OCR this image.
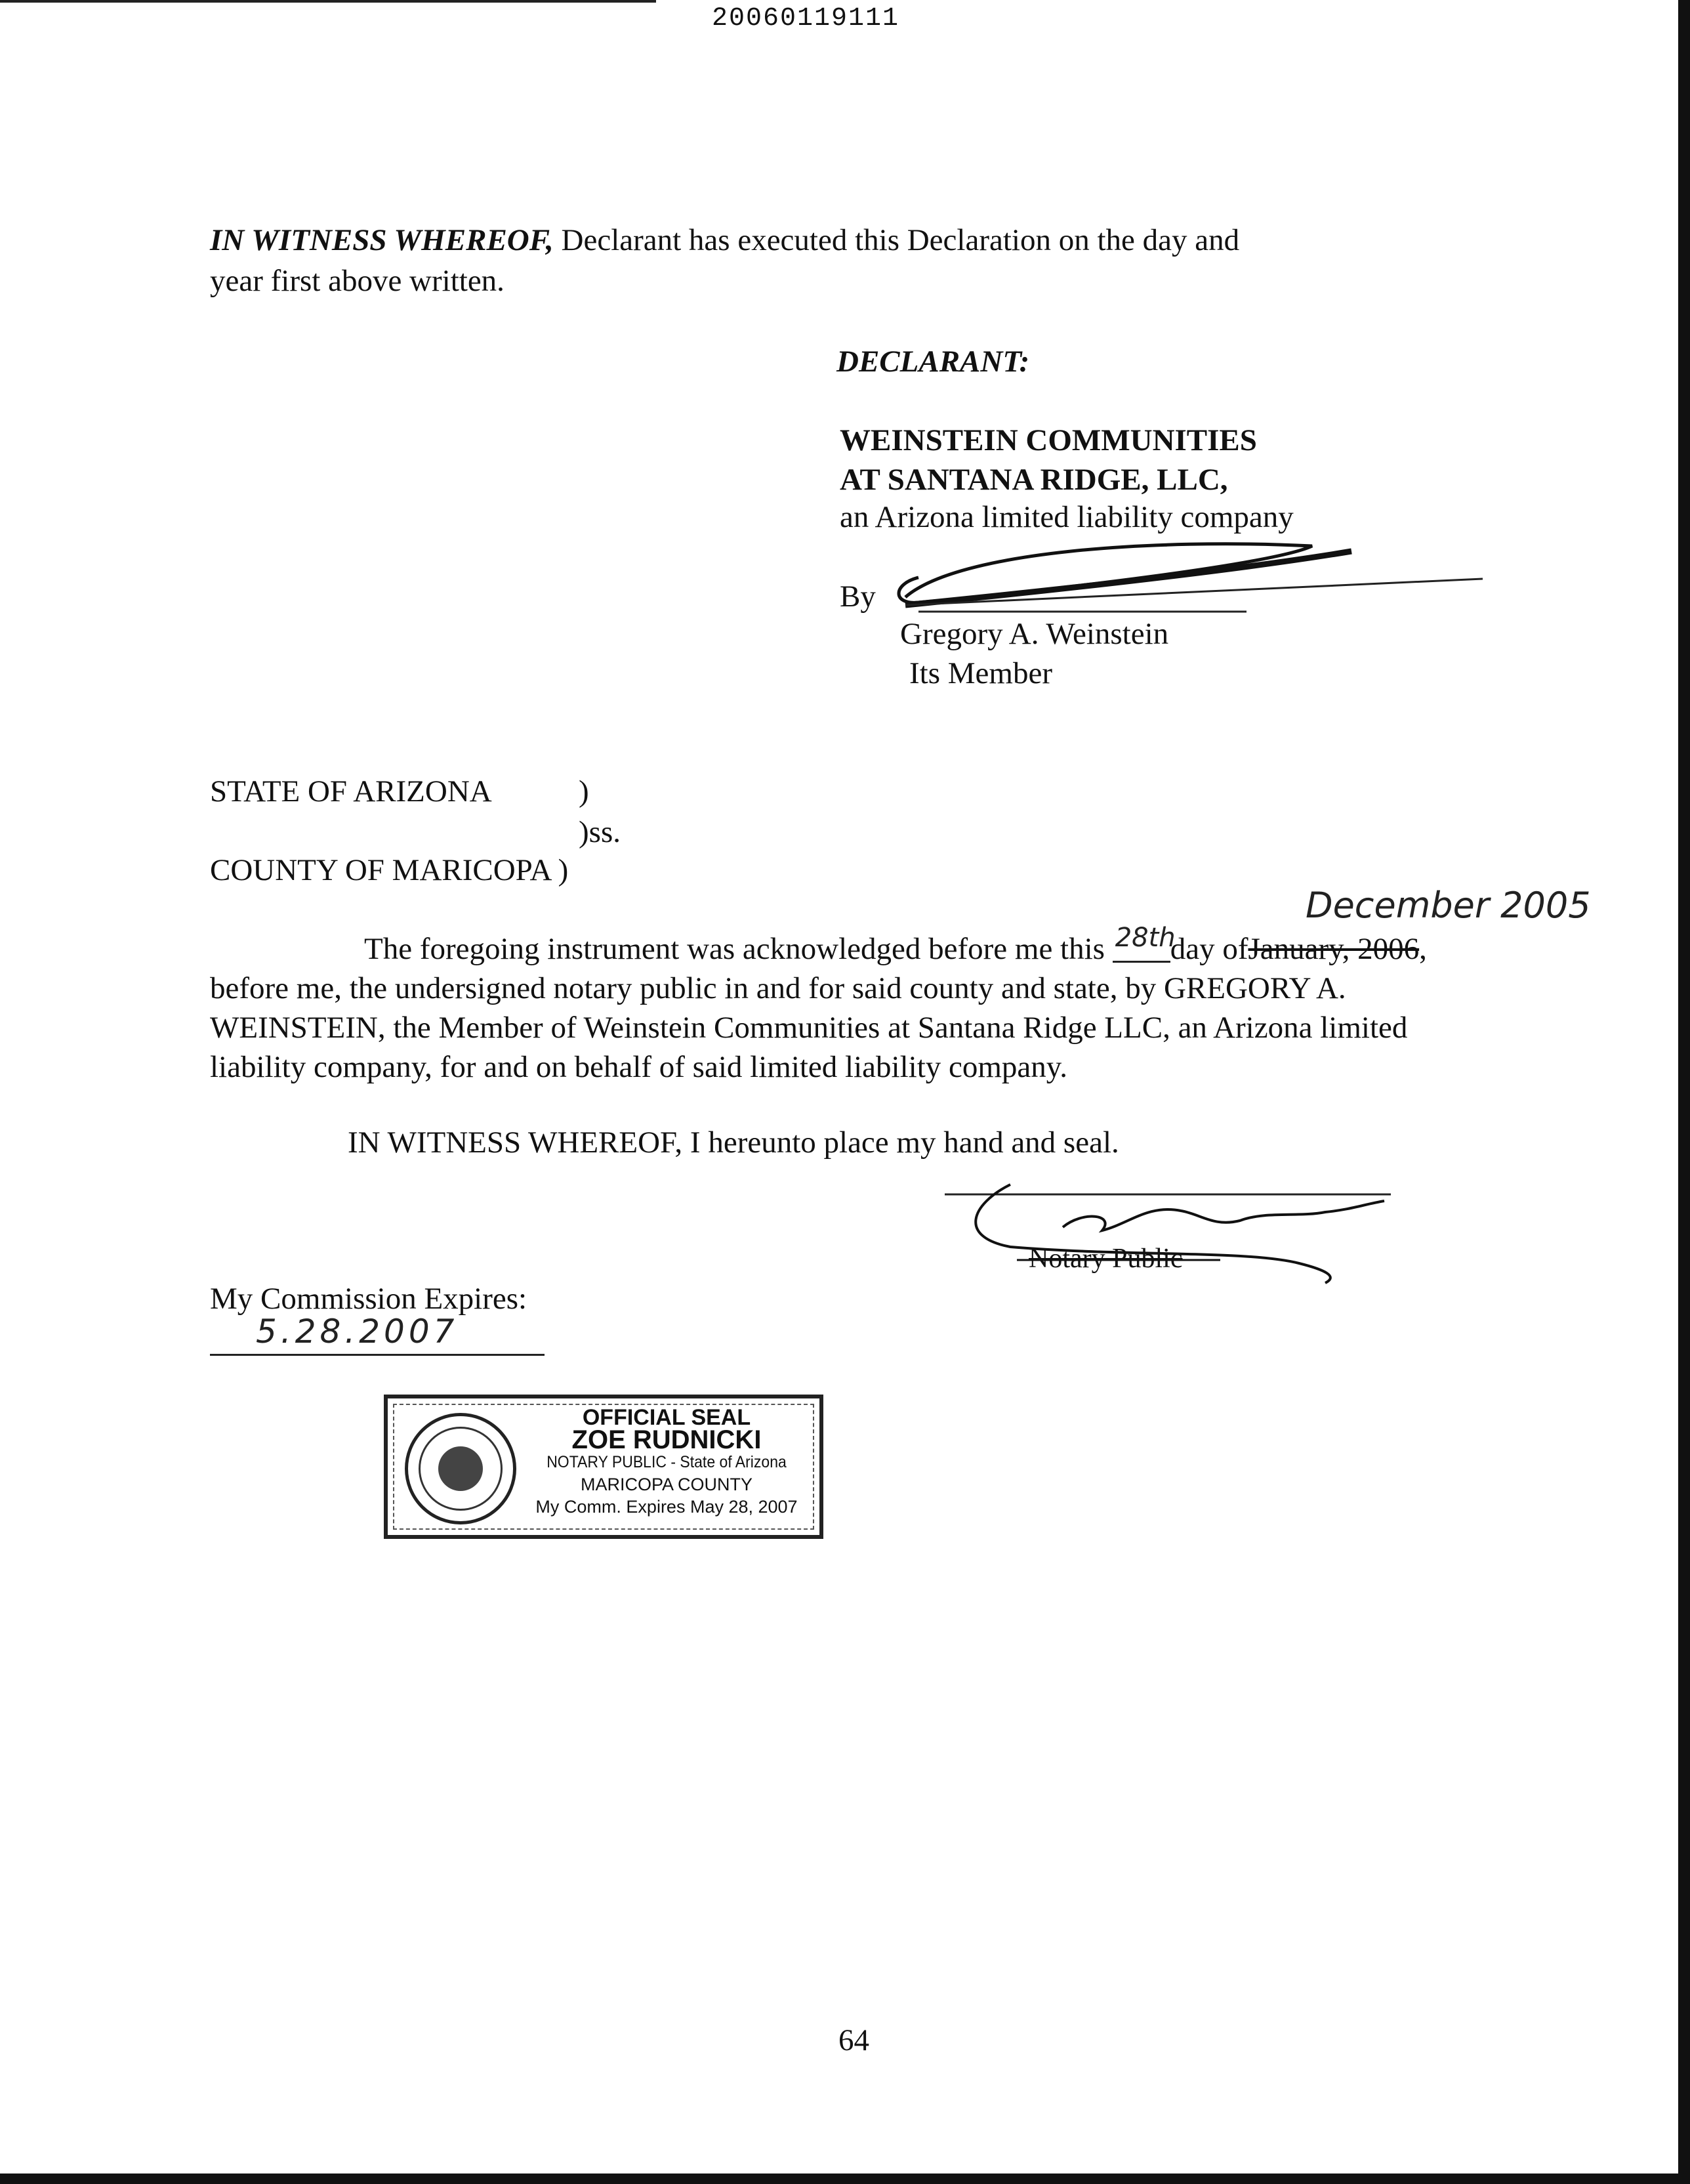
20060119111
IN WITNESS WHEREOF, Declarant has executed this Declaration on the day and
year first above written.
DECLARANT:
WEINSTEIN COMMUNITIES
AT SANTANA RIDGE, LLC,
an Arizona limited liability company
By
Gregory A. Weinstein
Its Member
STATE OF ARIZONA	)
)ss.
COUNTY OF MARICOPA )
December 2005
The foregoing instrument was acknowledged before me this 28th
day ofJanuary, 2006,
before me, the undersigned notary public in and for said county and state, by GREGORY A.
WEINSTEIN, the Member of Weinstein Communities at Santana Ridge LLC, an Arizona limited
liability company, for and on behalf of said limited liability company.
IN WITNESS WHEREOF, I hereunto place my hand and seal.
Notary Public
My Commission Expires:
5.28.2007
OFFICIAL SEAL
ZOE RUDNICKI
NOTARY PUBLIC - State of Arizona
MARICOPA COUNTY
My Comm. Expires May 28, 2007
64
